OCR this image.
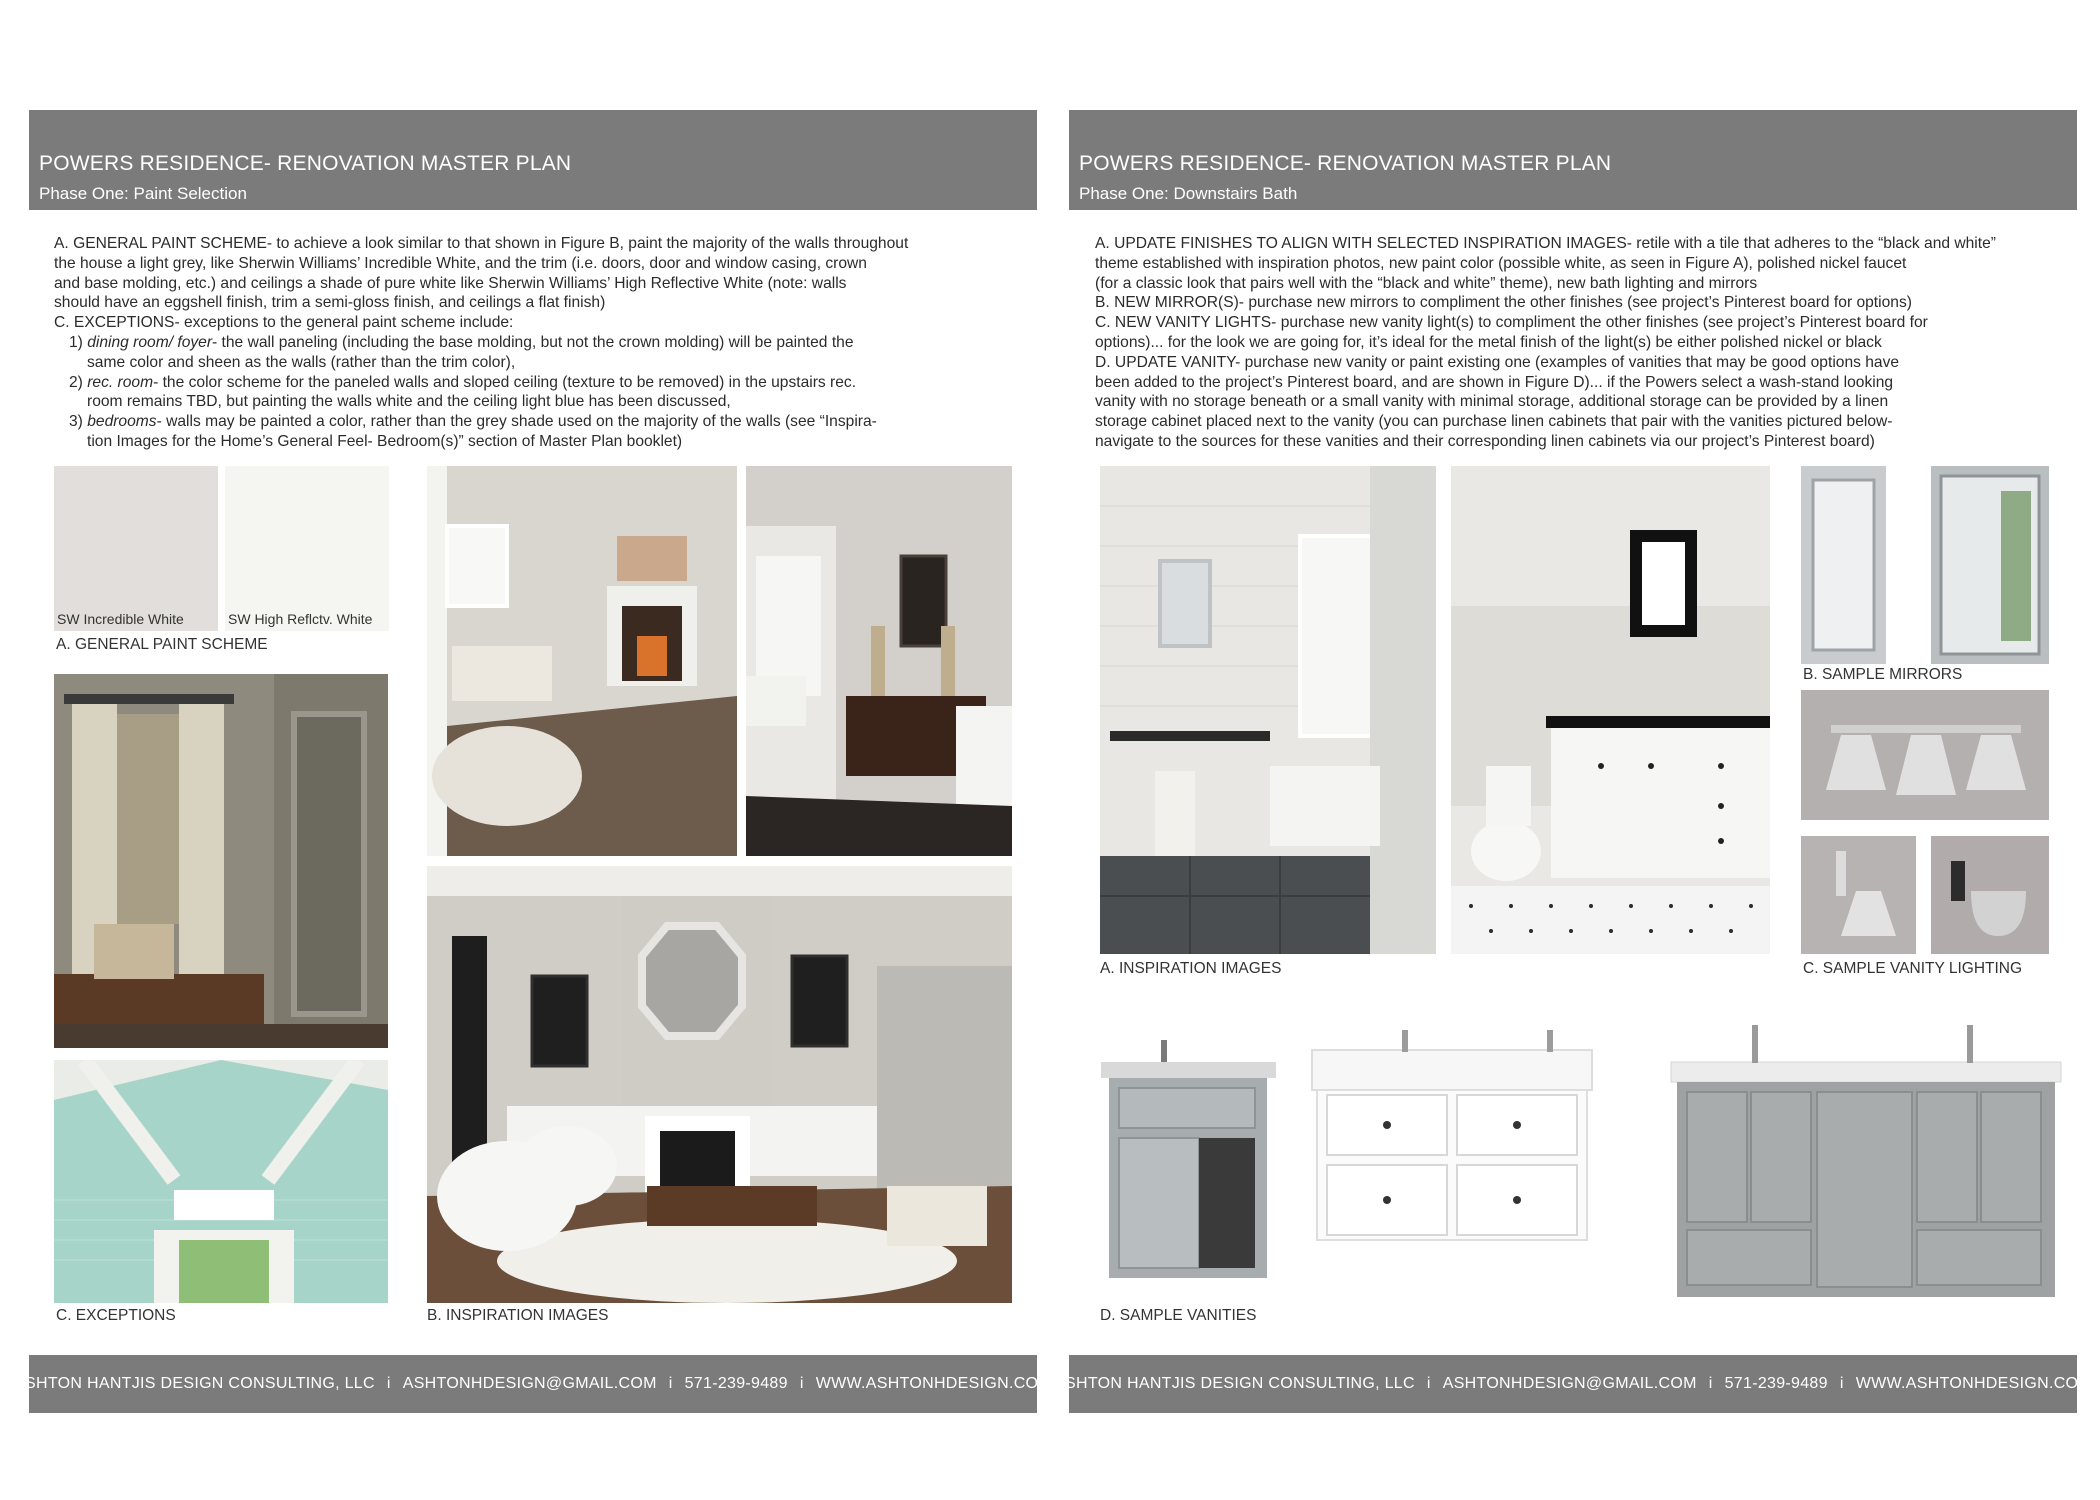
POWERS RESIDENCE- RENOVATION MASTER PLAN
Phase One: Paint Selection

A. GENERAL PAINT SCHEME- to achieve a look similar to that shown in Figure B, paint the majority of the walls throughout

the house a light grey, like Sherwin Williams’ Incredible White, and the trim (i.e. doors, door and window casing, crown

and base molding, etc.) and ceilings a shade of pure white like Sherwin Williams’ High Reflective White (note: walls

should have an eggshell finish, trim a semi-gloss finish, and ceilings a flat finish)

C. EXCEPTIONS- exceptions to the general paint scheme include:

1) dining room/ foyer- the wall paneling (including the base molding, but not the crown molding) will be painted the

same color and sheen as the walls (rather than the trim color),

2) rec. room- the color scheme for the paneled walls and sloped ceiling (texture to be removed) in the upstairs rec.

room remains TBD, but painting the walls white and the ceiling light blue has been discussed,

3) bedrooms- walls may be painted a color, rather than the grey shade used on the majority of the walls (see “Inspira-

tion Images for the Home’s General Feel- Bedroom(s)” section of Master Plan booklet)

SW Incredible White	SW High Reflctv. White
A. GENERAL PAINT SCHEME
C. EXCEPTIONS	B. INSPIRATION IMAGES
ASHTON HANTJIS DESIGN CONSULTING, LLC i ASHTONHDESIGN@GMAIL.COM i 571-239-9489 i WWW.ASHTONHDESIGN.COM
POWERS RESIDENCE- RENOVATION MASTER PLAN
Phase One: Downstairs Bath

A. UPDATE FINISHES TO ALIGN WITH SELECTED INSPIRATION IMAGES- retile with a tile that adheres to the “black and white”

theme established with inspiration photos, new paint color (possible white, as seen in Figure A), polished nickel faucet

(for a classic look that pairs well with the “black and white” theme), new bath lighting and mirrors

B. NEW MIRROR(S)- purchase new mirrors to compliment the other finishes (see project’s Pinterest board for options)

C. NEW VANITY LIGHTS- purchase new vanity light(s) to compliment the other finishes (see project’s Pinterest board for

options)... for the look we are going for, it’s ideal for the metal finish of the light(s) be either polished nickel or black

D. UPDATE VANITY- purchase new vanity or paint existing one (examples of vanities that may be good options have

been added to the project’s Pinterest board, and are shown in Figure D)... if the Powers select a wash-stand looking

vanity with no storage beneath or a small vanity with minimal storage, additional storage can be provided by a linen

storage cabinet placed next to the vanity (you can purchase linen cabinets that pair with the vanities pictured below-

navigate to the sources for these vanities and their corresponding linen cabinets via our project’s Pinterest board)

A. INSPIRATION IMAGES
B. SAMPLE MIRRORS
C. SAMPLE VANITY LIGHTING
D. SAMPLE VANITIES
ASHTON HANTJIS DESIGN CONSULTING, LLC i ASHTONHDESIGN@GMAIL.COM i 571-239-9489 i WWW.ASHTONHDESIGN.COM
